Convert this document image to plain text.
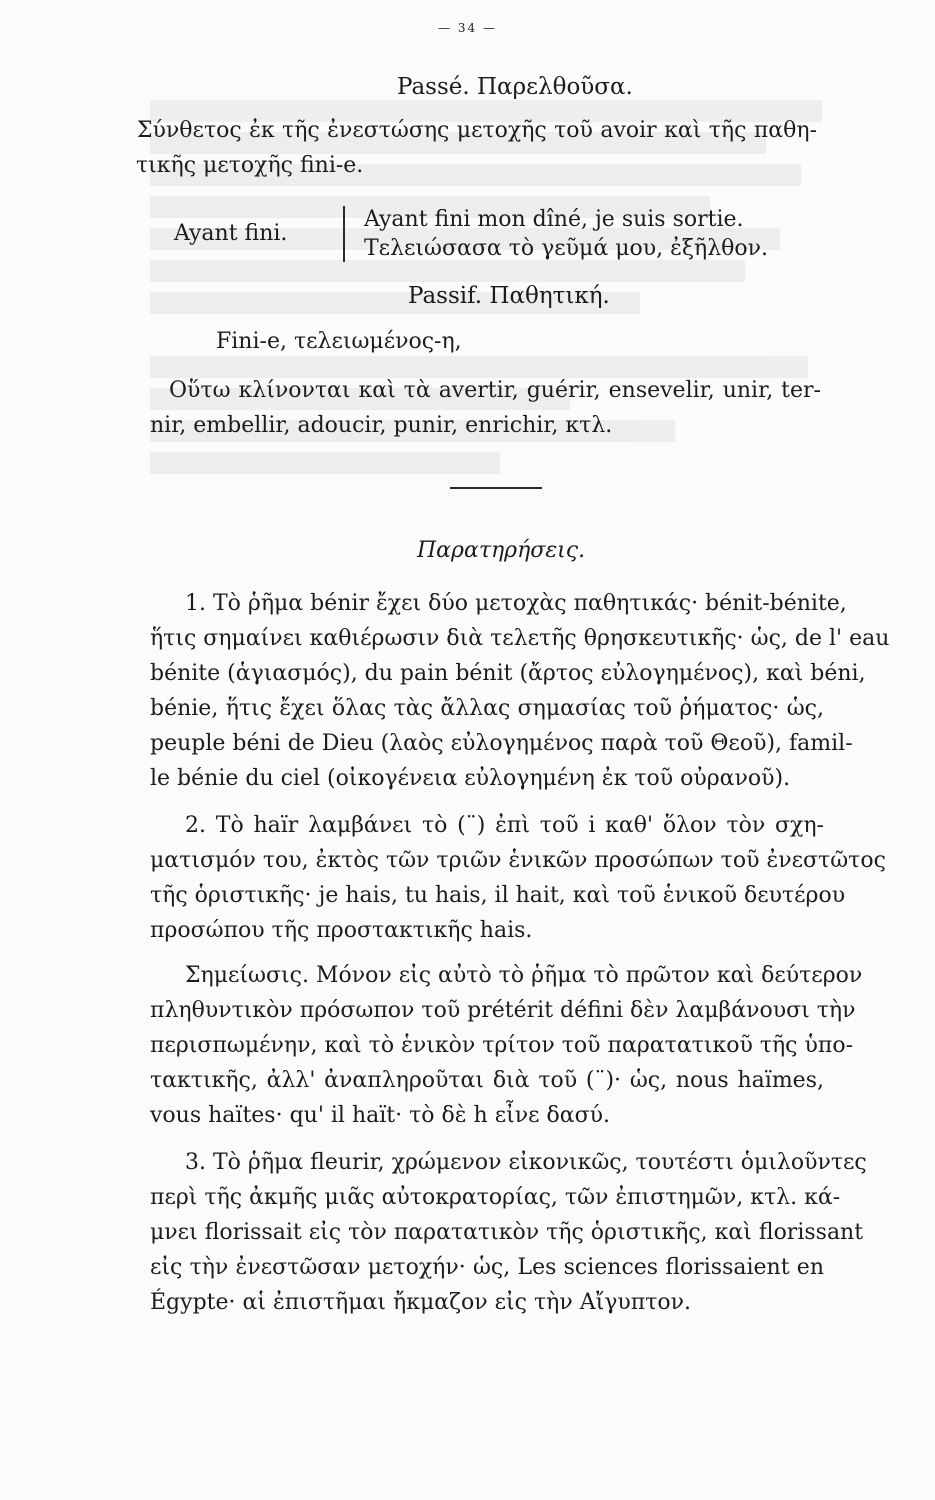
— 34 —
Passé. Παρελθοῦσα.
Σύνθετος ἐκ τῆς ἐνεστώσης μετοχῆς τοῦ avoir καὶ τῆς παθη-
τικῆς μετοχῆς fini-e.
Ayant fini.
Ayant fini mon dîné, je suis sortie.
Τελειώσασα τὸ γεῦμά μου, ἐξῆλθον.
Passif. Παθητική.
Fini-e, τελειωμένος-η,
Οὕτω κλίνονται καὶ τὰ avertir, guérir, ensevelir, unir, ter-
nir, embellir, adoucir, punir, enrichir, κτλ.
Παρατηρήσεις.
1. Τὸ ῥῆμα bénir ἔχει δύο μετοχὰς παθητικάς· bénit-bénite,
ἥτις σημαίνει καθιέρωσιν διὰ τελετῆς θρησκευτικῆς· ὡς, de l' eau
bénite (ἁγιασμός), du pain bénit (ἄρτος εὐλογημένος), καὶ béni,
bénie, ἥτις ἔχει ὅλας τὰς ἄλλας σημασίας τοῦ ῥήματος· ὡς,
peuple béni de Dieu (λαὸς εὐλογημένος παρὰ τοῦ Θεοῦ), famil-
le bénie du ciel (οἰκογένεια εὐλογημένη ἐκ τοῦ οὐρανοῦ).
2. Τὸ haïr λαμβάνει τὸ (¨) ἐπὶ τοῦ i καθ' ὅλον τὸν σχη-
ματισμόν του, ἐκτὸς τῶν τριῶν ἑνικῶν προσώπων τοῦ ἐνεστῶτος
τῆς ὁριστικῆς· je hais, tu hais, il hait, καὶ τοῦ ἑνικοῦ δευτέρου
προσώπου τῆς προστακτικῆς hais.
Σημείωσις. Μόνον εἰς αὐτὸ τὸ ῥῆμα τὸ πρῶτον καὶ δεύτερον
πληθυντικὸν πρόσωπον τοῦ prétérit défini δὲν λαμβάνουσι τὴν
περισπωμένην, καὶ τὸ ἑνικὸν τρίτον τοῦ παρατατικοῦ τῆς ὑπο-
τακτικῆς, ἀλλ' ἀναπληροῦται διὰ τοῦ (¨)· ὡς, nous haïmes,
vous haïtes· qu' il haït· τὸ δὲ h εἶνε δασύ.
3. Τὸ ῥῆμα fleurir, χρώμενον εἰκονικῶς, τουτέστι ὁμιλοῦντες
περὶ τῆς ἀκμῆς μιᾶς αὐτοκρατορίας, τῶν ἐπιστημῶν, κτλ. κά-
μνει florissait εἰς τὸν παρατατικὸν τῆς ὁριστικῆς, καὶ florissant
εἰς τὴν ἐνεστῶσαν μετοχήν· ὡς, Les sciences florissaient en
Égypte· αἱ ἐπιστῆμαι ἤκμαζον εἰς τὴν Αἴγυπτον.
